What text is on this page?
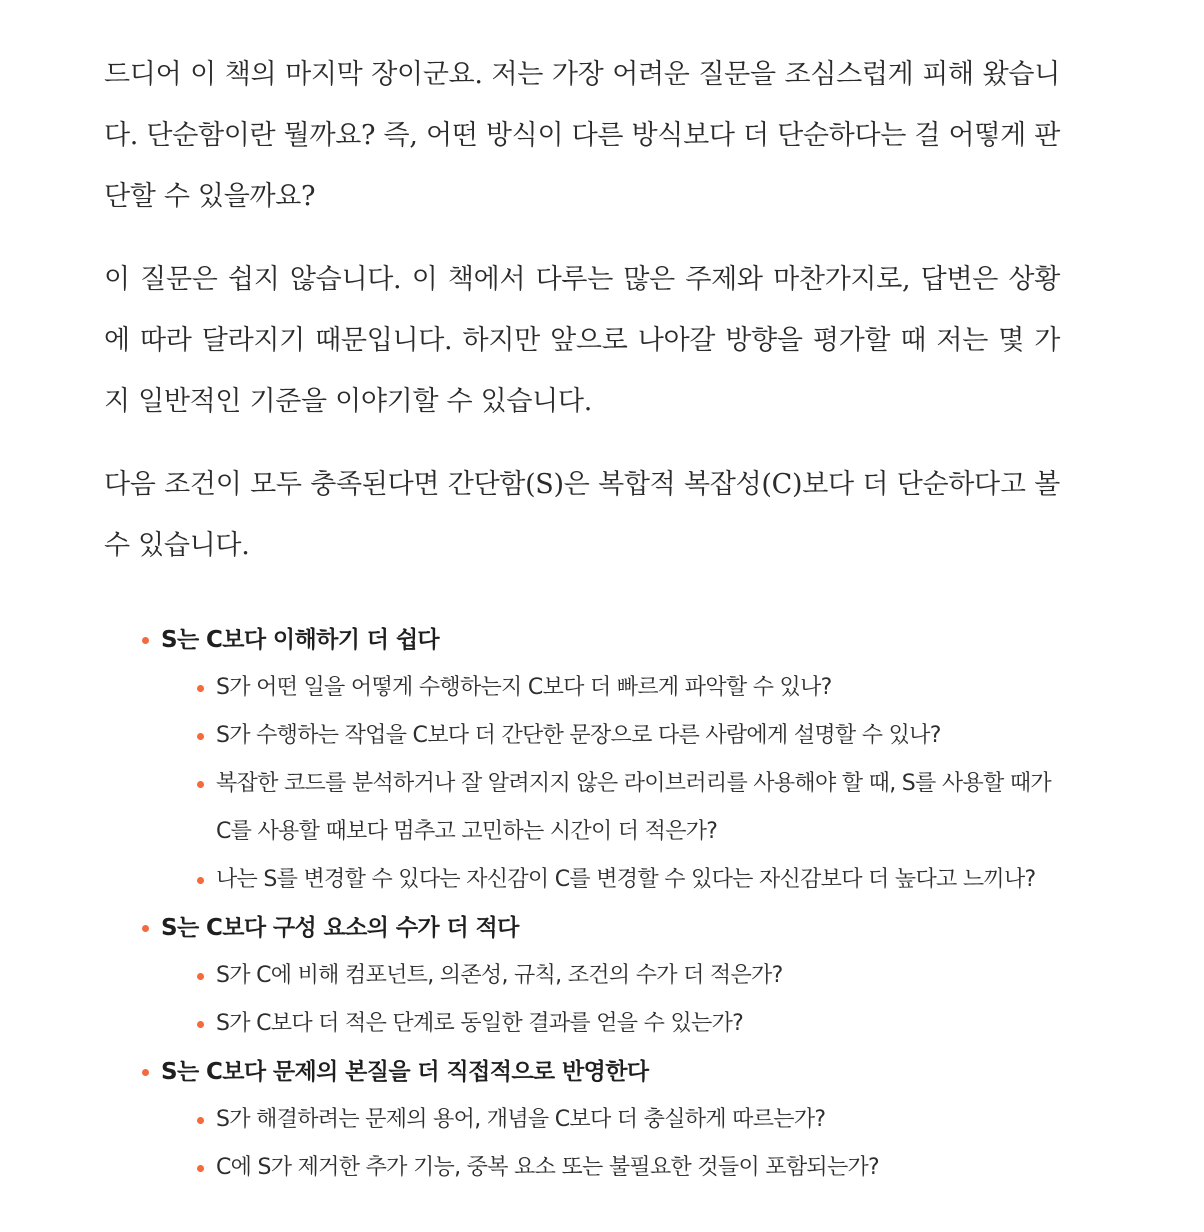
드디어 이 책의 마지막 장이군요. 저는 가장 어려운 질문을 조심스럽게 피해 왔습니다. 단순함이란 뭘까요? 즉, 어떤 방식이 다른 방식보다 더 단순하다는 걸 어떻게 판단할 수 있을까요?

이 질문은 쉽지 않습니다. 이 책에서 다루는 많은 주제와 마찬가지로, 답변은 상황에 따라 달라지기 때문입니다. 하지만 앞으로 나아갈 방향을 평가할 때 저는 몇 가지 일반적인 기준을 이야기할 수 있습니다.

다음 조건이 모두 충족된다면 간단함(S)은 복합적 복잡성(C)보다 더 단순하다고 볼 수 있습니다.

S는 C보다 이해하기 더 쉽다
S가 어떤 일을 어떻게 수행하는지 C보다 더 빠르게 파악할 수 있나?
S가 수행하는 작업을 C보다 더 간단한 문장으로 다른 사람에게 설명할 수 있나?
복잡한 코드를 분석하거나 잘 알려지지 않은 라이브러리를 사용해야 할 때, S를 사용할 때가 C를 사용할 때보다 멈추고 고민하는 시간이 더 적은가?
나는 S를 변경할 수 있다는 자신감이 C를 변경할 수 있다는 자신감보다 더 높다고 느끼나?
S는 C보다 구성 요소의 수가 더 적다
S가 C에 비해 컴포넌트, 의존성, 규칙, 조건의 수가 더 적은가?
S가 C보다 더 적은 단계로 동일한 결과를 얻을 수 있는가?
S는 C보다 문제의 본질을 더 직접적으로 반영한다
S가 해결하려는 문제의 용어, 개념을 C보다 더 충실하게 따르는가?
C에 S가 제거한 추가 기능, 중복 요소 또는 불필요한 것들이 포함되는가?
